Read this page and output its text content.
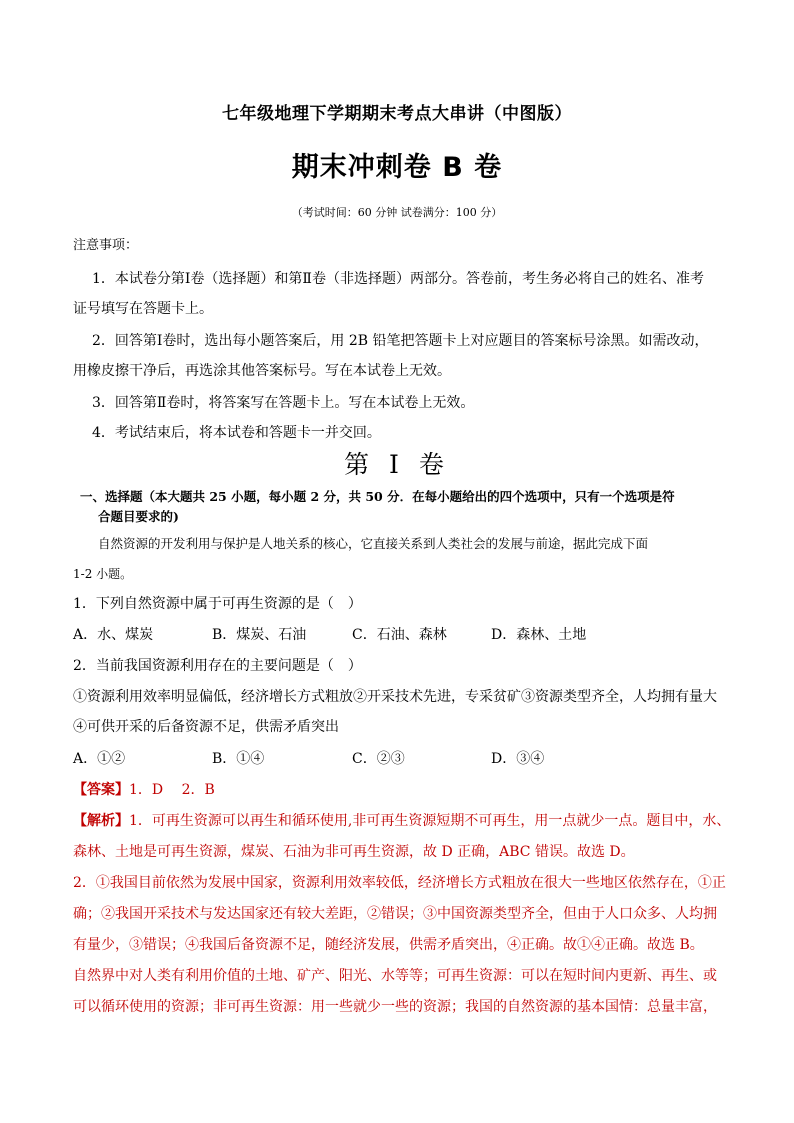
七年级地理下学期期末考点大串讲（中图版）
期末冲刺卷 B 卷
（考试时间：60 分钟 试卷满分：100 分）
注意事项：
1．本试卷分第Ⅰ卷（选择题）和第Ⅱ卷（非选择题）两部分。答卷前，考生务必将自己的姓名、准考
证号填写在答题卡上。
2．回答第Ⅰ卷时，选出每小题答案后，用 2B 铅笔把答题卡上对应题目的答案标号涂黑。如需改动，
用橡皮擦干净后，再选涂其他答案标号。写在本试卷上无效。
3．回答第Ⅱ卷时，将答案写在答题卡上。写在本试卷上无效。
4．考试结束后，将本试卷和答题卡一并交回。
第 I 卷
一、选择题（本大题共 25 小题，每小题 2 分，共 50 分．在每小题给出的四个选项中，只有一个选项是符
合题目要求的)
自然资源的开发利用与保护是人地关系的核心，它直接关系到人类社会的发展与前途，据此完成下面
1-2 小题。
1．下列自然资源中属于可再生资源的是（　）
A．水、煤炭	B．煤炭、石油	C．石油、森林	D．森林、土地
2．当前我国资源利用存在的主要问题是（　）
①资源利用效率明显偏低，经济增长方式粗放②开采技术先进，专采贫矿③资源类型齐全，人均拥有量大
④可供开采的后备资源不足，供需矛盾突出
A．①②	B．①④	C．②③	D．③④
【答案】1．D　 2．B
【解析】1．可再生资源可以再生和循环使用,非可再生资源短期不可再生，用一点就少一点。题目中，水、
森林、土地是可再生资源，煤炭、石油为非可再生资源，故 D 正确，ABC 错误。故选 D。
2．①我国目前依然为发展中国家，资源利用效率较低，经济增长方式粗放在很大一些地区依然存在，①正
确；②我国开采技术与发达国家还有较大差距，②错误；③中国资源类型齐全，但由于人口众多、人均拥
有量少，③错误；④我国后备资源不足，随经济发展，供需矛盾突出，④正确。故①④正确。故选 B。
自然界中对人类有利用价值的土地、矿产、阳光、水等等；可再生资源：可以在短时间内更新、再生、或
可以循环使用的资源；非可再生资源：用一些就少一些的资源；我国的自然资源的基本国情：总量丰富，
